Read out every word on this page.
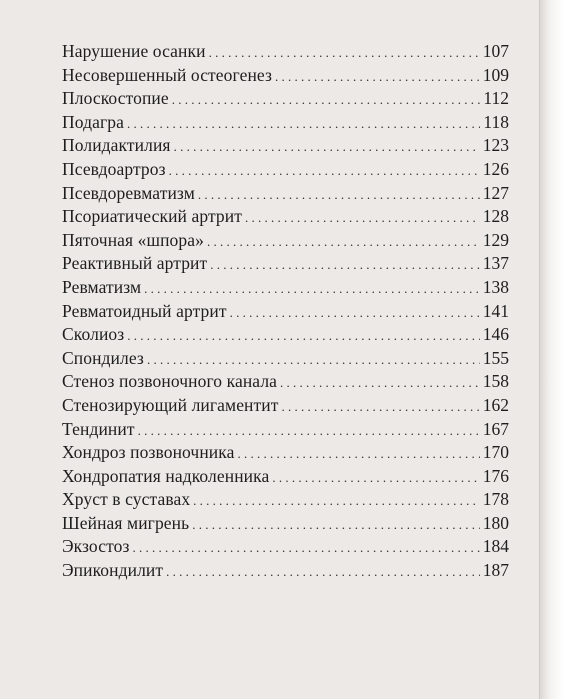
Нарушение осанки . . .	107
Несовершенный остеогенез . . .	109
Плоскостопие . . .	112
Подагра . . .	118
Полидактилия . . .	123
Псевдоартроз . . .	126
Псевдоревматизм . . .	127
Псориатический артрит . . .	128
Пяточная «шпора» . . .	129
Реактивный артрит . . .	137
Ревматизм . . .	138
Ревматоидный артрит . . .	141
Сколиоз . . .	146
Спондилез . . .	155
Стеноз позвоночного канала . . .	158
Стенозирующий лигаментит . . .	162
Тендинит . . .	167
Хондроз позвоночника . . .	170
Хондропатия надколенника . . .	176
Хруст в суставах . . .	178
Шейная мигрень . . .	180
Экзостоз . . .	184
Эпикондилит . . .	187
